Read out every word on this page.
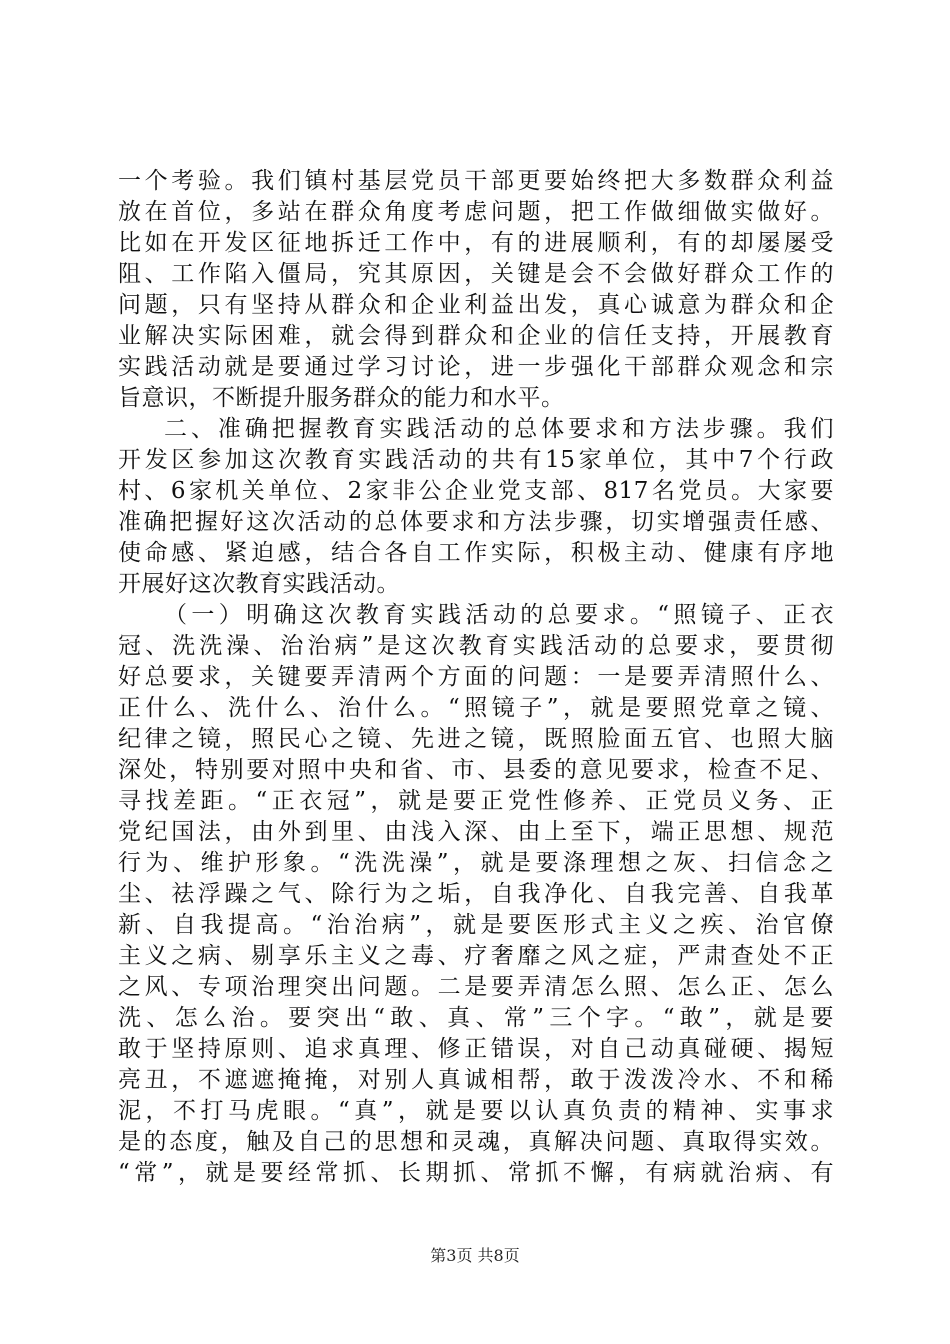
一个考验。我们镇村基层党员干部更要始终把大多数群众利益
放在首位，多站在群众角度考虑问题，把工作做细做实做好。
比如在开发区征地拆迁工作中，有的进展顺利，有的却屡屡受
阻、工作陷入僵局，究其原因，关键是会不会做好群众工作的
问题，只有坚持从群众和企业利益出发，真心诚意为群众和企
业解决实际困难，就会得到群众和企业的信任支持，开展教育
实践活动就是要通过学习讨论，进一步强化干部群众观念和宗
旨意识，不断提升服务群众的能力和水平。
二、准确把握教育实践活动的总体要求和方法步骤。我们
开发区参加这次教育实践活动的共有15家单位，其中7个行政
村、6家机关单位、2家非公企业党支部、817名党员。大家要
准确把握好这次活动的总体要求和方法步骤，切实增强责任感、
使命感、紧迫感，结合各自工作实际，积极主动、健康有序地
开展好这次教育实践活动。
（一）明确这次教育实践活动的总要求。“照镜子、正衣
冠、洗洗澡、治治病”是这次教育实践活动的总要求，要贯彻
好总要求，关键要弄清两个方面的问题：一是要弄清照什么、
正什么、洗什么、治什么。“照镜子”，就是要照党章之镜、
纪律之镜，照民心之镜、先进之镜，既照脸面五官、也照大脑
深处，特别要对照中央和省、市、县委的意见要求，检查不足、
寻找差距。“正衣冠”，就是要正党性修养、正党员义务、正
党纪国法，由外到里、由浅入深、由上至下，端正思想、规范
行为、维护形象。“洗洗澡”，就是要涤理想之灰、扫信念之
尘、祛浮躁之气、除行为之垢，自我净化、自我完善、自我革
新、自我提高。“治治病”，就是要医形式主义之疾、治官僚
主义之病、剔享乐主义之毒、疗奢靡之风之症，严肃查处不正
之风、专项治理突出问题。二是要弄清怎么照、怎么正、怎么
洗、怎么治。要突出“敢、真、常”三个字。“敢”，就是要
敢于坚持原则、追求真理、修正错误，对自己动真碰硬、揭短
亮丑，不遮遮掩掩，对别人真诚相帮，敢于泼泼冷水、不和稀
泥，不打马虎眼。“真”，就是要以认真负责的精神、实事求
是的态度，触及自己的思想和灵魂，真解决问题、真取得实效。
“常”，就是要经常抓、长期抓、常抓不懈，有病就治病、有
第3页 共8页
